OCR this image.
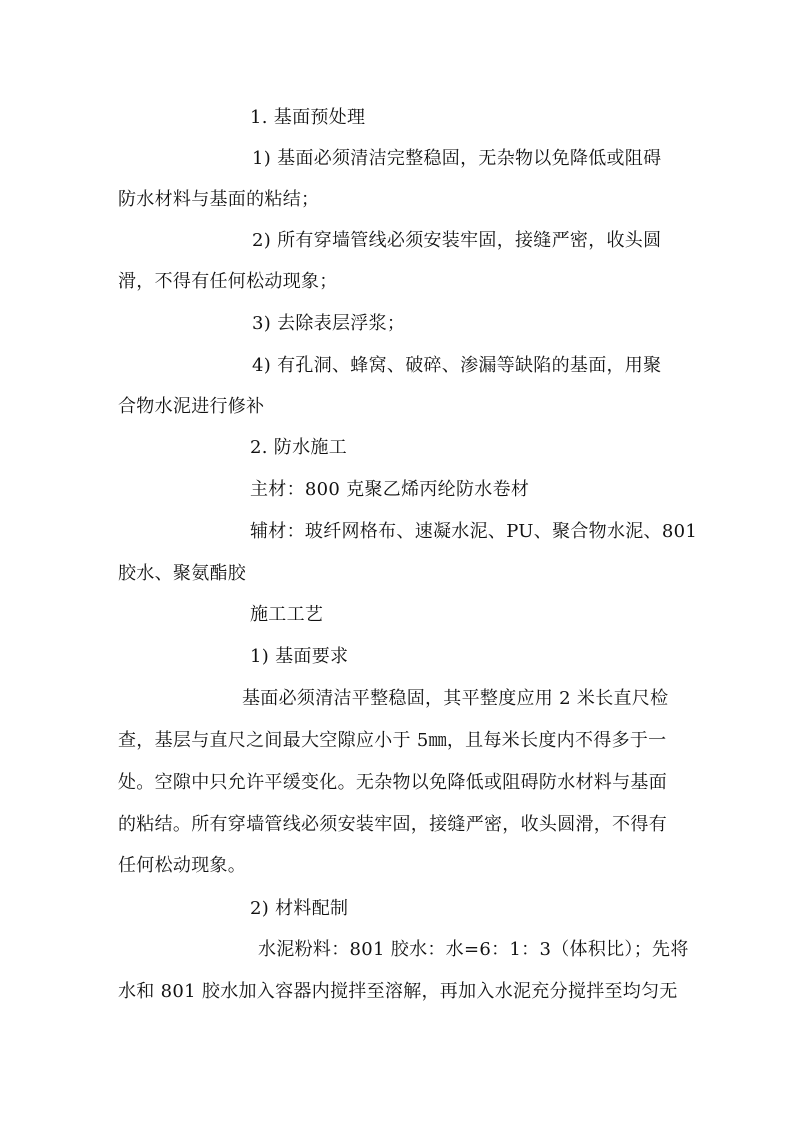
1. 基面预处理
1) 基面必须清洁完整稳固，无杂物以免降低或阻碍
防水材料与基面的粘结；
2) 所有穿墙管线必须安装牢固，接缝严密，收头圆
滑，不得有任何松动现象；
3) 去除表层浮浆；
4) 有孔洞、蜂窝、破碎、渗漏等缺陷的基面，用聚
合物水泥进行修补
2. 防水施工
主材：800 克聚乙烯丙纶防水卷材
辅材：玻纤网格布、速凝水泥、PU、聚合物水泥、801
胶水、聚氨酯胶
施工工艺
1) 基面要求
基面必须清洁平整稳固，其平整度应用 2 米长直尺检
查，基层与直尺之间最大空隙应小于 5㎜，且每米长度内不得多于一
处。空隙中只允许平缓变化。无杂物以免降低或阻碍防水材料与基面
的粘结。所有穿墙管线必须安装牢固，接缝严密，收头圆滑，不得有
任何松动现象。
2) 材料配制
水泥粉料：801 胶水：水=6：1：3（体积比）；先将
水和 801 胶水加入容器内搅拌至溶解，再加入水泥充分搅拌至均匀无
